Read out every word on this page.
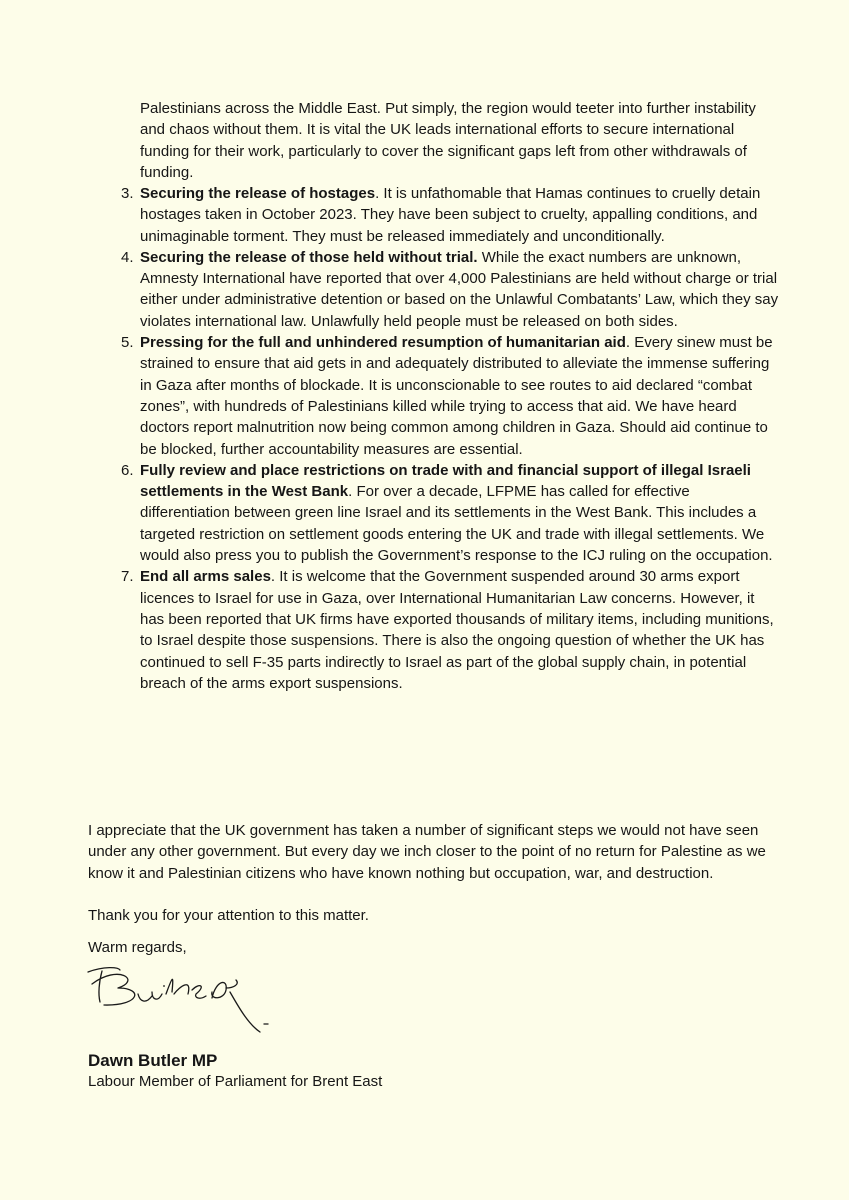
Palestinians across the Middle East. Put simply, the region would teeter into further instability and chaos without them. It is vital the UK leads international efforts to secure international funding for their work, particularly to cover the significant gaps left from other withdrawals of funding.

3. Securing the release of hostages. It is unfathomable that Hamas continues to cruelly detain hostages taken in October 2023. They have been subject to cruelty, appalling conditions, and unimaginable torment. They must be released immediately and unconditionally.
4. Securing the release of those held without trial. While the exact numbers are unknown, Amnesty International have reported that over 4,000 Palestinians are held without charge or trial either under administrative detention or based on the Unlawful Combatants’ Law, which they say violates international law. Unlawfully held people must be released on both sides.
5. Pressing for the full and unhindered resumption of humanitarian aid. Every sinew must be strained to ensure that aid gets in and adequately distributed to alleviate the immense suffering in Gaza after months of blockade. It is unconscionable to see routes to aid declared “combat zones”, with hundreds of Palestinians killed while trying to access that aid. We have heard doctors report malnutrition now being common among children in Gaza. Should aid continue to be blocked, further accountability measures are essential.
6. Fully review and place restrictions on trade with and financial support of illegal Israeli settlements in the West Bank. For over a decade, LFPME has called for effective differentiation between green line Israel and its settlements in the West Bank. This includes a targeted restriction on settlement goods entering the UK and trade with illegal settlements. We would also press you to publish the Government’s response to the ICJ ruling on the occupation.
7. End all arms sales. It is welcome that the Government suspended around 30 arms export licences to Israel for use in Gaza, over International Humanitarian Law concerns. However, it has been reported that UK firms have exported thousands of military items, including munitions, to Israel despite those suspensions. There is also the ongoing question of whether the UK has continued to sell F-35 parts indirectly to Israel as part of the global supply chain, in potential breach of the arms export suspensions.

I appreciate that the UK government has taken a number of significant steps we would not have seen under any other government. But every day we inch closer to the point of no return for Palestine as we know it and Palestinian citizens who have known nothing but occupation, war, and destruction.

Thank you for your attention to this matter.

Warm regards,

Dawn Butler MP

Labour Member of Parliament for Brent East
